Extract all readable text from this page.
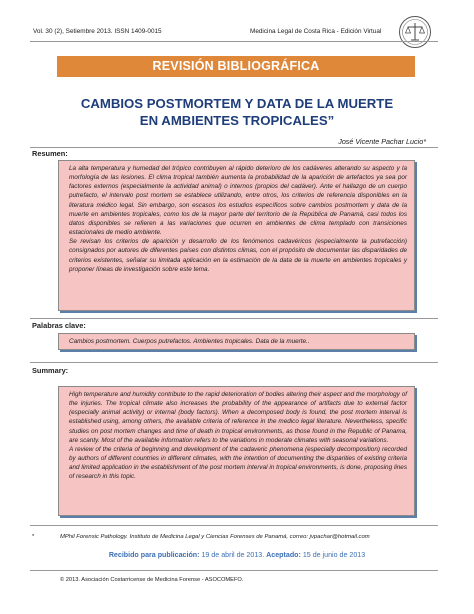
Vol. 30 (2), Setiembre 2013. ISSN 1409-0015	Medicina Legal de Costa Rica - Edición Virtual
REVISIÓN BIBLIOGRÁFICA
CAMBIOS POSTMORTEM Y DATA DE LA MUERTE
EN AMBIENTES TROPICALES”
José Vicente Pachar Lucio*
Resumen:

La alta temperatura y humedad del trópico contribuyen al rápido deterioro de los cadáveres alterando su aspecto y la morfología de las lesiones. El clima tropical también aumenta la probabilidad de la aparición de artefactos ya sea por factores externos (especialmente la actividad animal) o internos (propios del cadáver). Ante el hallazgo de un cuerpo putrefacto, el intervalo post mortem se establece utilizando, entre otros, los criterios de referencia disponibles en la literatura médico legal. Sin embargo, son escasos los estudios específicos sobre cambios postmortem y data de la muerte en ambientes tropicales, como los de la mayor parte del territorio de la República de Panamá, casi todos los datos disponibles se refieren a las variaciones que ocurren en ambientes de clima templado con transiciones estacionales de medio ambiente.

Se revisan los criterios de aparición y desarrollo de los fenómenos cadavéricos (especialmente la putrefacción) consignados por autores de diferentes países con distintos climas, con el propósito de documentar las disparidades de criterios existentes, señalar su limitada aplicación en la estimación de la data de la muerte en ambientes tropicales y proponer líneas de investigación sobre este tema.

Palabras clave:

Cambios postmortem. Cuerpos putrefactos. Ambientes tropicales. Data de la muerte..

Summary:

High temperature and humidity contribute to the rapid deterioration of bodies altering their aspect and the morphology of the injuries. The tropical climate also increases the probability of the appearance of artifacts due to external factor (especially animal activity) or internal (body factors). When a decomposed body is found, the post mortem interval is established using, among others, the available criteria of reference in the medico legal literature. Nevertheless, specific studies on post mortem changes and time of death in tropical environments, as those found in the Republic of Panama, are scanty. Most of the available information refers to the variations in moderate climates with seasonal variations.

A review of the criteria of beginning and development of the cadaveric phenomena (especially decomposition) recorded by authors of different countries in different climates, with the intention of documenting the disparities of existing criteria and limited application in the establishment of the post mortem interval in tropical environments, is done, proposing lines of research in this topic.

*	MPhil Forensic Pathology. Instituto de Medicina Legal y Ciencias Forenses de Panamá, correo: jvpachar@hotmail.com
Recibido para publicación: 19 de abril de 2013. Aceptado: 15 de junio de 2013
© 2013. Asociación Costarricense de Medicina Forense - ASOCOMEFO.
